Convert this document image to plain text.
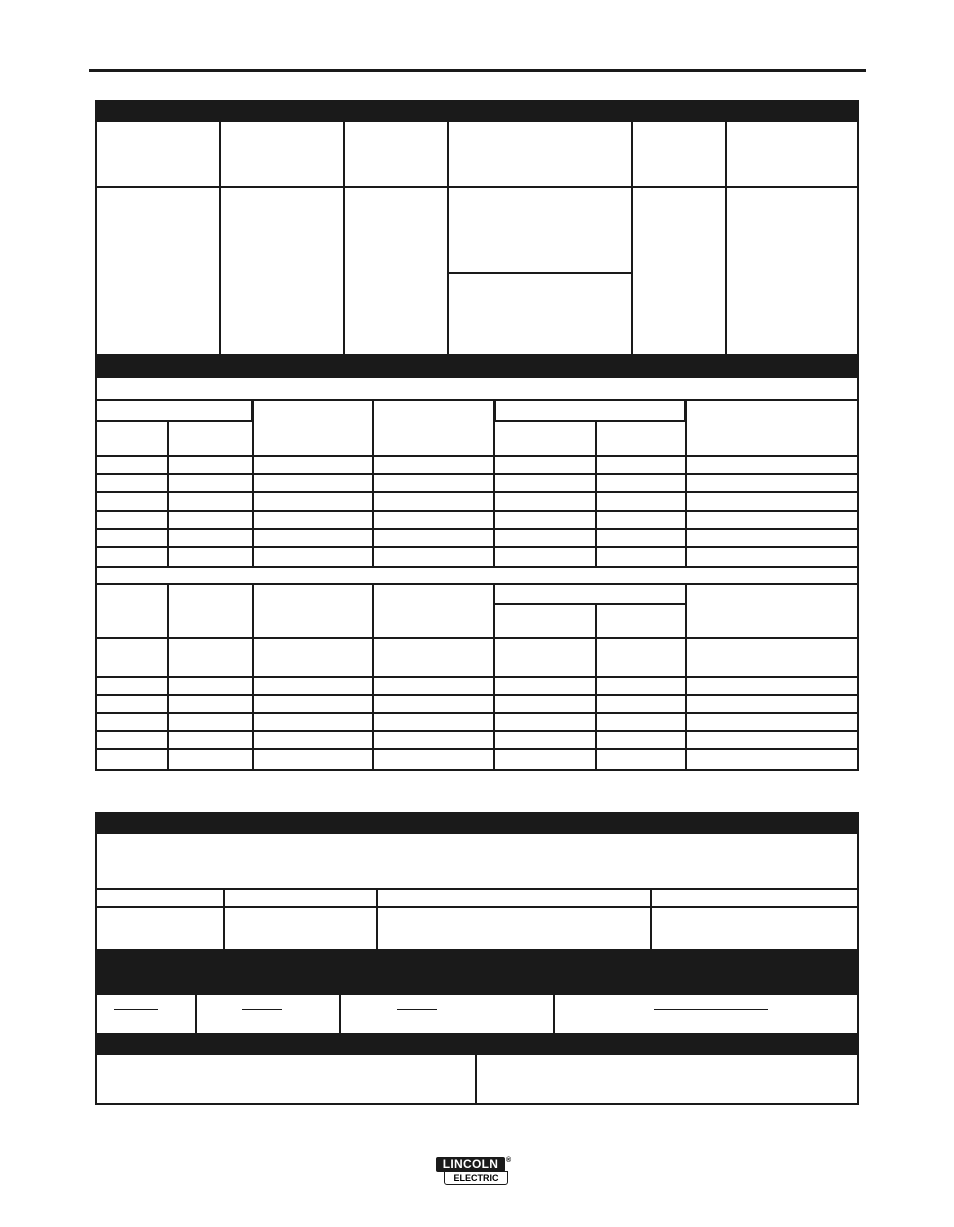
LINCOLN	®
ELECTRIC
